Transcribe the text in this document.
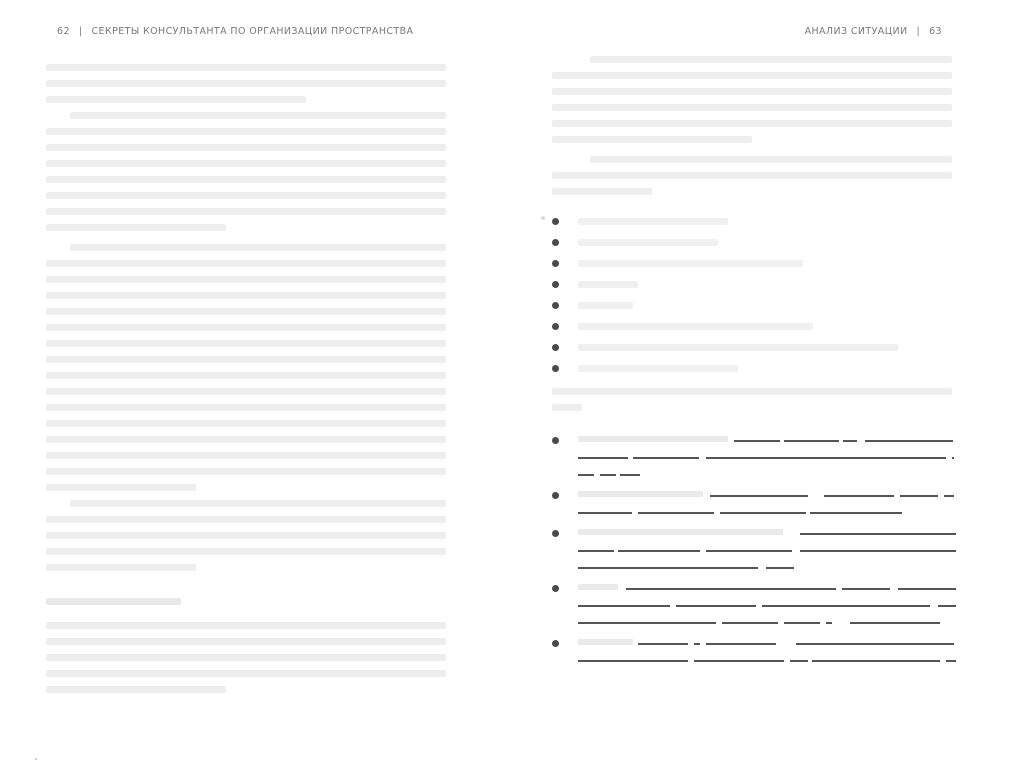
62 | СЕКРЕТЫ КОНСУЛЬТАНТА ПО ОРГАНИЗАЦИИ ПРОСТРАНСТВА	АНАЛИЗ СИТУАЦИИ | 63
